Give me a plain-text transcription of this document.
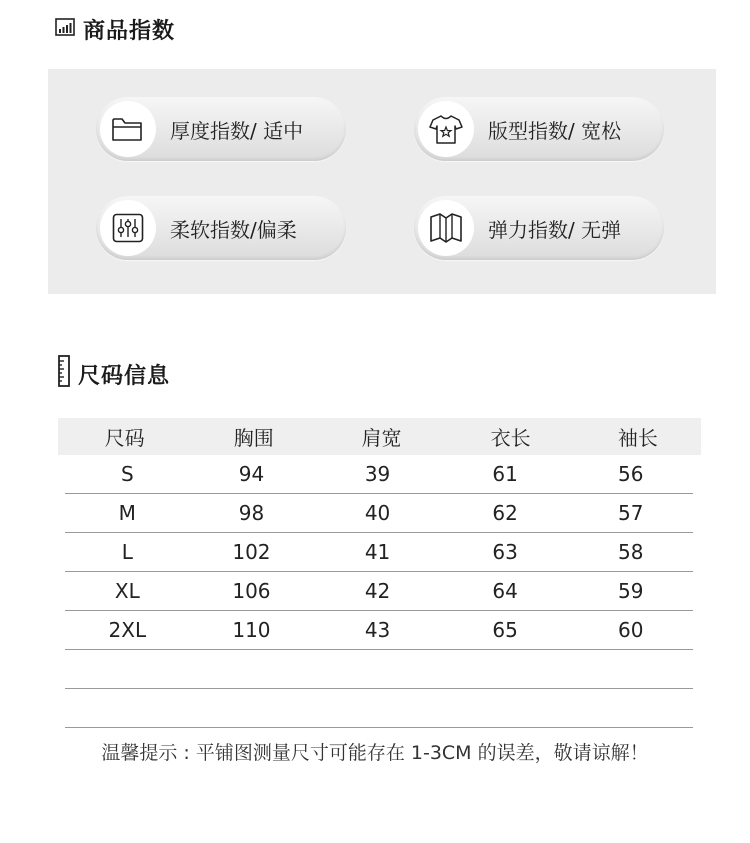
商品指数
厚度指数/ 适中	版型指数/ 宽松
柔软指数/偏柔	弹力指数/ 无弹
尺码信息
尺码	胸围	肩宽	衣长	袖长
S	94	39	61	56
M	98	40	62	57
L	102	41	63	58
XL	106	42	64	59
2XL	110	43	65	60
温馨提示 : 平铺图测量尺寸可能存在 1-3CM 的误差，敬请谅解！
